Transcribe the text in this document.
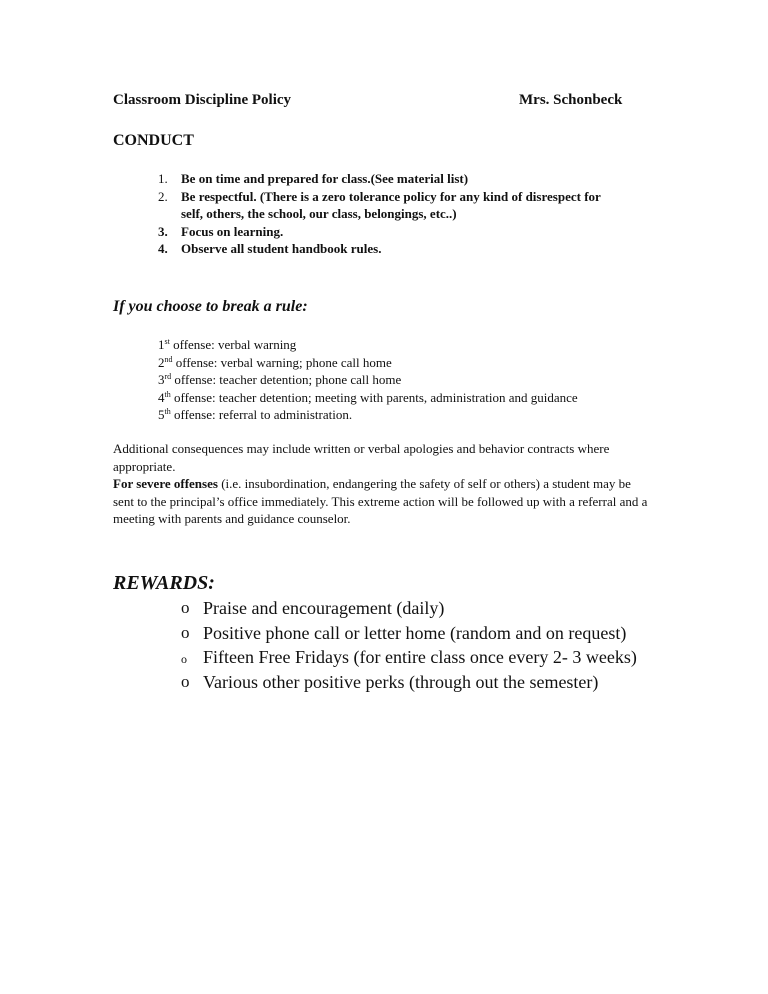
Classroom Discipline Policy	Mrs. Schonbeck
CONDUCT
1. Be on time and prepared for class.(See material list)
2. Be respectful. (There is a zero tolerance policy for any kind of disrespect for self, others, the school, our class, belongings, etc..)
3. Focus on learning.
4. Observe all student handbook rules.
If you choose to break a rule:
1st offense: verbal warning
2nd offense: verbal warning; phone call home
3rd offense: teacher detention; phone call home
4th offense: teacher detention; meeting with parents, administration and guidance
5th offense: referral to administration.
Additional consequences may include written or verbal apologies and behavior contracts where appropriate.
For severe offenses (i.e. insubordination, endangering the safety of self or others) a student may be sent to the principal’s office immediately. This extreme action will be followed up with a referral and a meeting with parents and guidance counselor.
REWARDS:
o Praise and encouragement (daily)
o Positive phone call or letter home (random and on request)
o Fifteen Free Fridays (for entire class once every 2- 3 weeks)
o Various other positive perks (through out the semester)
